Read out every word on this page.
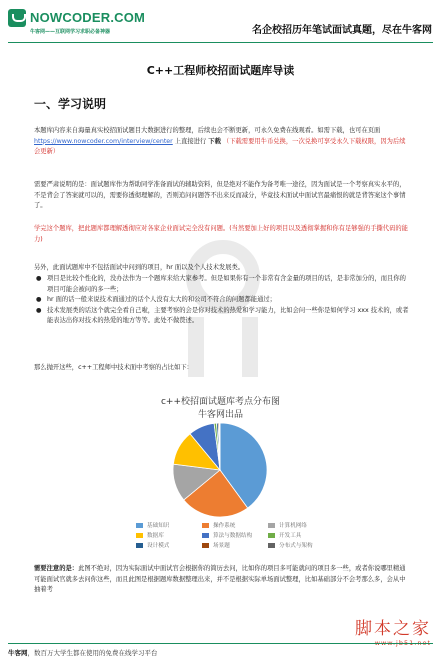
NOWCODER.COM
牛客网——互联网学习求职必备神器	名企校招历年笔试面试真题，尽在牛客网
C++工程师校招面试题库导读
一、学习说明

本题库内容来自海量真实校招面试题目大数据进行的整理，后续也会不断更新，可永久免费在线观看。如需下载，也可在页面 https://www.nowcoder.com/interview/center 上直接进行 下载 （下载需要用牛币兑换，一次兑换可享受永久下载权限，因为后续会更新）

需要严肃说明的是：面试题库作为帮助同学准备面试的辅助资料，但是绝对不能作为备考唯一途径，因为面试是一个考察真实水平的，不是背会了答案就可以的，需要你透彻理解的，否则追问问题答不出来反而减分，毕竟技术面试中面试官最痛恨的就是背答案这个事情了。

学完这个题库，把此题库都理解透彻应对各家企业面试完全没有问题。(当然要加上好的项目以及透彻掌握和你有足够强的手撕代码的能力)

另外，此面试题库中不包括面试中问到的项目，hr 面以及个人技术发展类。

● 项目是比较个性化的，没办法作为一个题库来给大家参考。但是如果你有一个非常有含金量的项目的话，是非常加分的，而且你的项目可能会被问的多一些；
● hr 面的话一般来说技术面通过的话个人没有太大的和公司不符合的问题都能通过；
● 技术发展类的话这个就完全看自己啦，主要考察的会是你对技术的热爱和学习能力，比如会问一些你是如何学习 xxx 技术的，或者能表达出你对技术的热爱的地方等等。此处不做赘述。

那么抛开这些，c++工程师中技术面中考察的占比如下：

c++校招面试题库考点分布图
牛客网出品
基础知识	操作系统	计算机网络
数据库	算法与数据结构	开发工具
设计模式	场景题	分布式与架构

需要注意的是：此图不绝对，因为实际面试中面试官会根据你的简历去问，比如你的项目多可能就问的项目多一些，或者你说哪里精通可能面试官就多去问你这些，而且此图是根据题库数据整理出来，并不是根据实际单场面试整理，比如基础部分不会考那么多，会从中抽着考

脚本之家
www.jb51.net
牛客网，数百万大学生都在使用的免费在线学习平台
